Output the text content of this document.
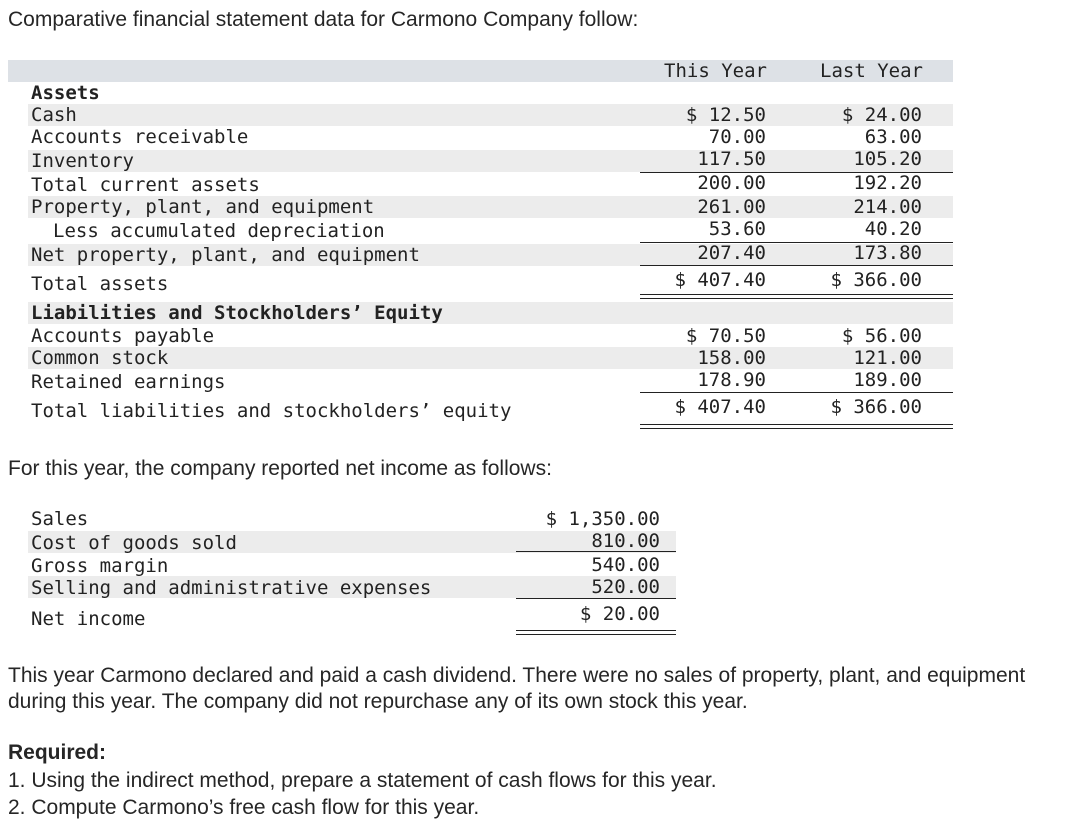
Comparative financial statement data for Carmono Company follow:
This Year	Last Year
Assets
Cash
Accounts receivable
Inventory
Total current assets
Property, plant, and equipment
Less accumulated depreciation
Net property, plant, and equipment
Total assets
Liabilities and Stockholders’ Equity
Accounts payable
Common stock
Retained earnings
Total liabilities and stockholders’ equity
$ 12.50
70.00
117.50
200.00
261.00
53.60
207.40
$ 407.40
$ 70.50
158.00
178.90
$ 407.40
$ 24.00
63.00
105.20
192.20
214.00
40.20
173.80
$ 366.00
$ 56.00
121.00
189.00
$ 366.00
For this year, the company reported net income as follows:
Sales
Cost of goods sold
Gross margin
Selling and administrative expenses
Net income
$ 1,350.00
810.00
540.00
520.00
$ 20.00
This year Carmono declared and paid a cash dividend. There were no sales of property, plant, and equipment during this year. The company did not repurchase any of its own stock this year.
Required:
1. Using the indirect method, prepare a statement of cash flows for this year.
2. Compute Carmono’s free cash flow for this year.
